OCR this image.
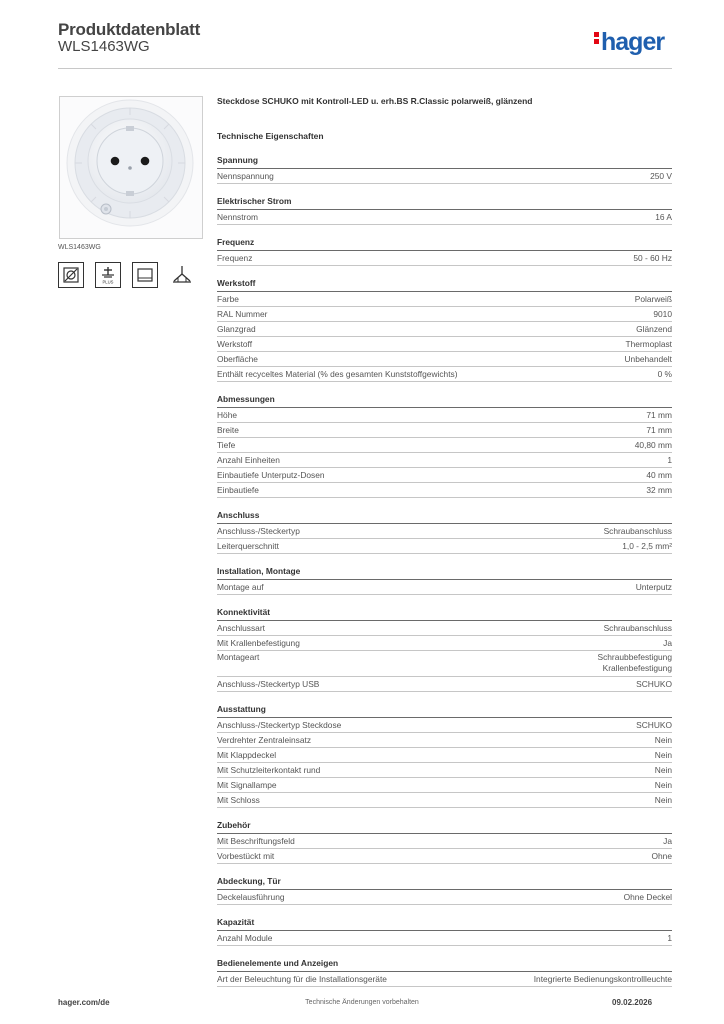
Produktdatenblatt
WLS1463WG	hager
WLS1463WG
PLUS
Steckdose SCHUKO mit Kontroll-LED u. erh.BS R.Classic polarweiß, glänzend
Technische Eigenschaften
Spannung
Nennspannung	250 V
Elektrischer Strom
Nennstrom	16 A
Frequenz
Frequenz	50 - 60 Hz
Werkstoff
Farbe	Polarweiß
RAL Nummer	9010
Glanzgrad	Glänzend
Werkstoff	Thermoplast
Oberfläche	Unbehandelt
Enthält recyceltes Material (% des gesamten Kunststoffgewichts)	0 %
Abmessungen
Höhe	71 mm
Breite	71 mm
Tiefe	40,80 mm
Anzahl Einheiten	1
Einbautiefe Unterputz-Dosen	40 mm
Einbautiefe	32 mm
Anschluss
Anschluss-/Steckertyp	Schraubanschluss
Leiterquerschnitt	1,0 - 2,5 mm²
Installation, Montage
Montage auf	Unterputz
Konnektivität
Anschlussart	Schraubanschluss
Mit Krallenbefestigung	Ja
Montageart	Schraubbefestigung
Krallenbefestigung
Anschluss-/Steckertyp USB	SCHUKO
Ausstattung
Anschluss-/Steckertyp Steckdose	SCHUKO
Verdrehter Zentraleinsatz	Nein
Mit Klappdeckel	Nein
Mit Schutzleiterkontakt rund	Nein
Mit Signallampe	Nein
Mit Schloss	Nein
Zubehör
Mit Beschriftungsfeld	Ja
Vorbestückt mit	Ohne
Abdeckung, Tür
Deckelausführung	Ohne Deckel
Kapazität
Anzahl Module	1
Bedienelemente und Anzeigen
Art der Beleuchtung für die Installationsgeräte	Integrierte Bedienungskontrollleuchte
hager.com/de	Technische Änderungen vorbehalten	09.02.2026
